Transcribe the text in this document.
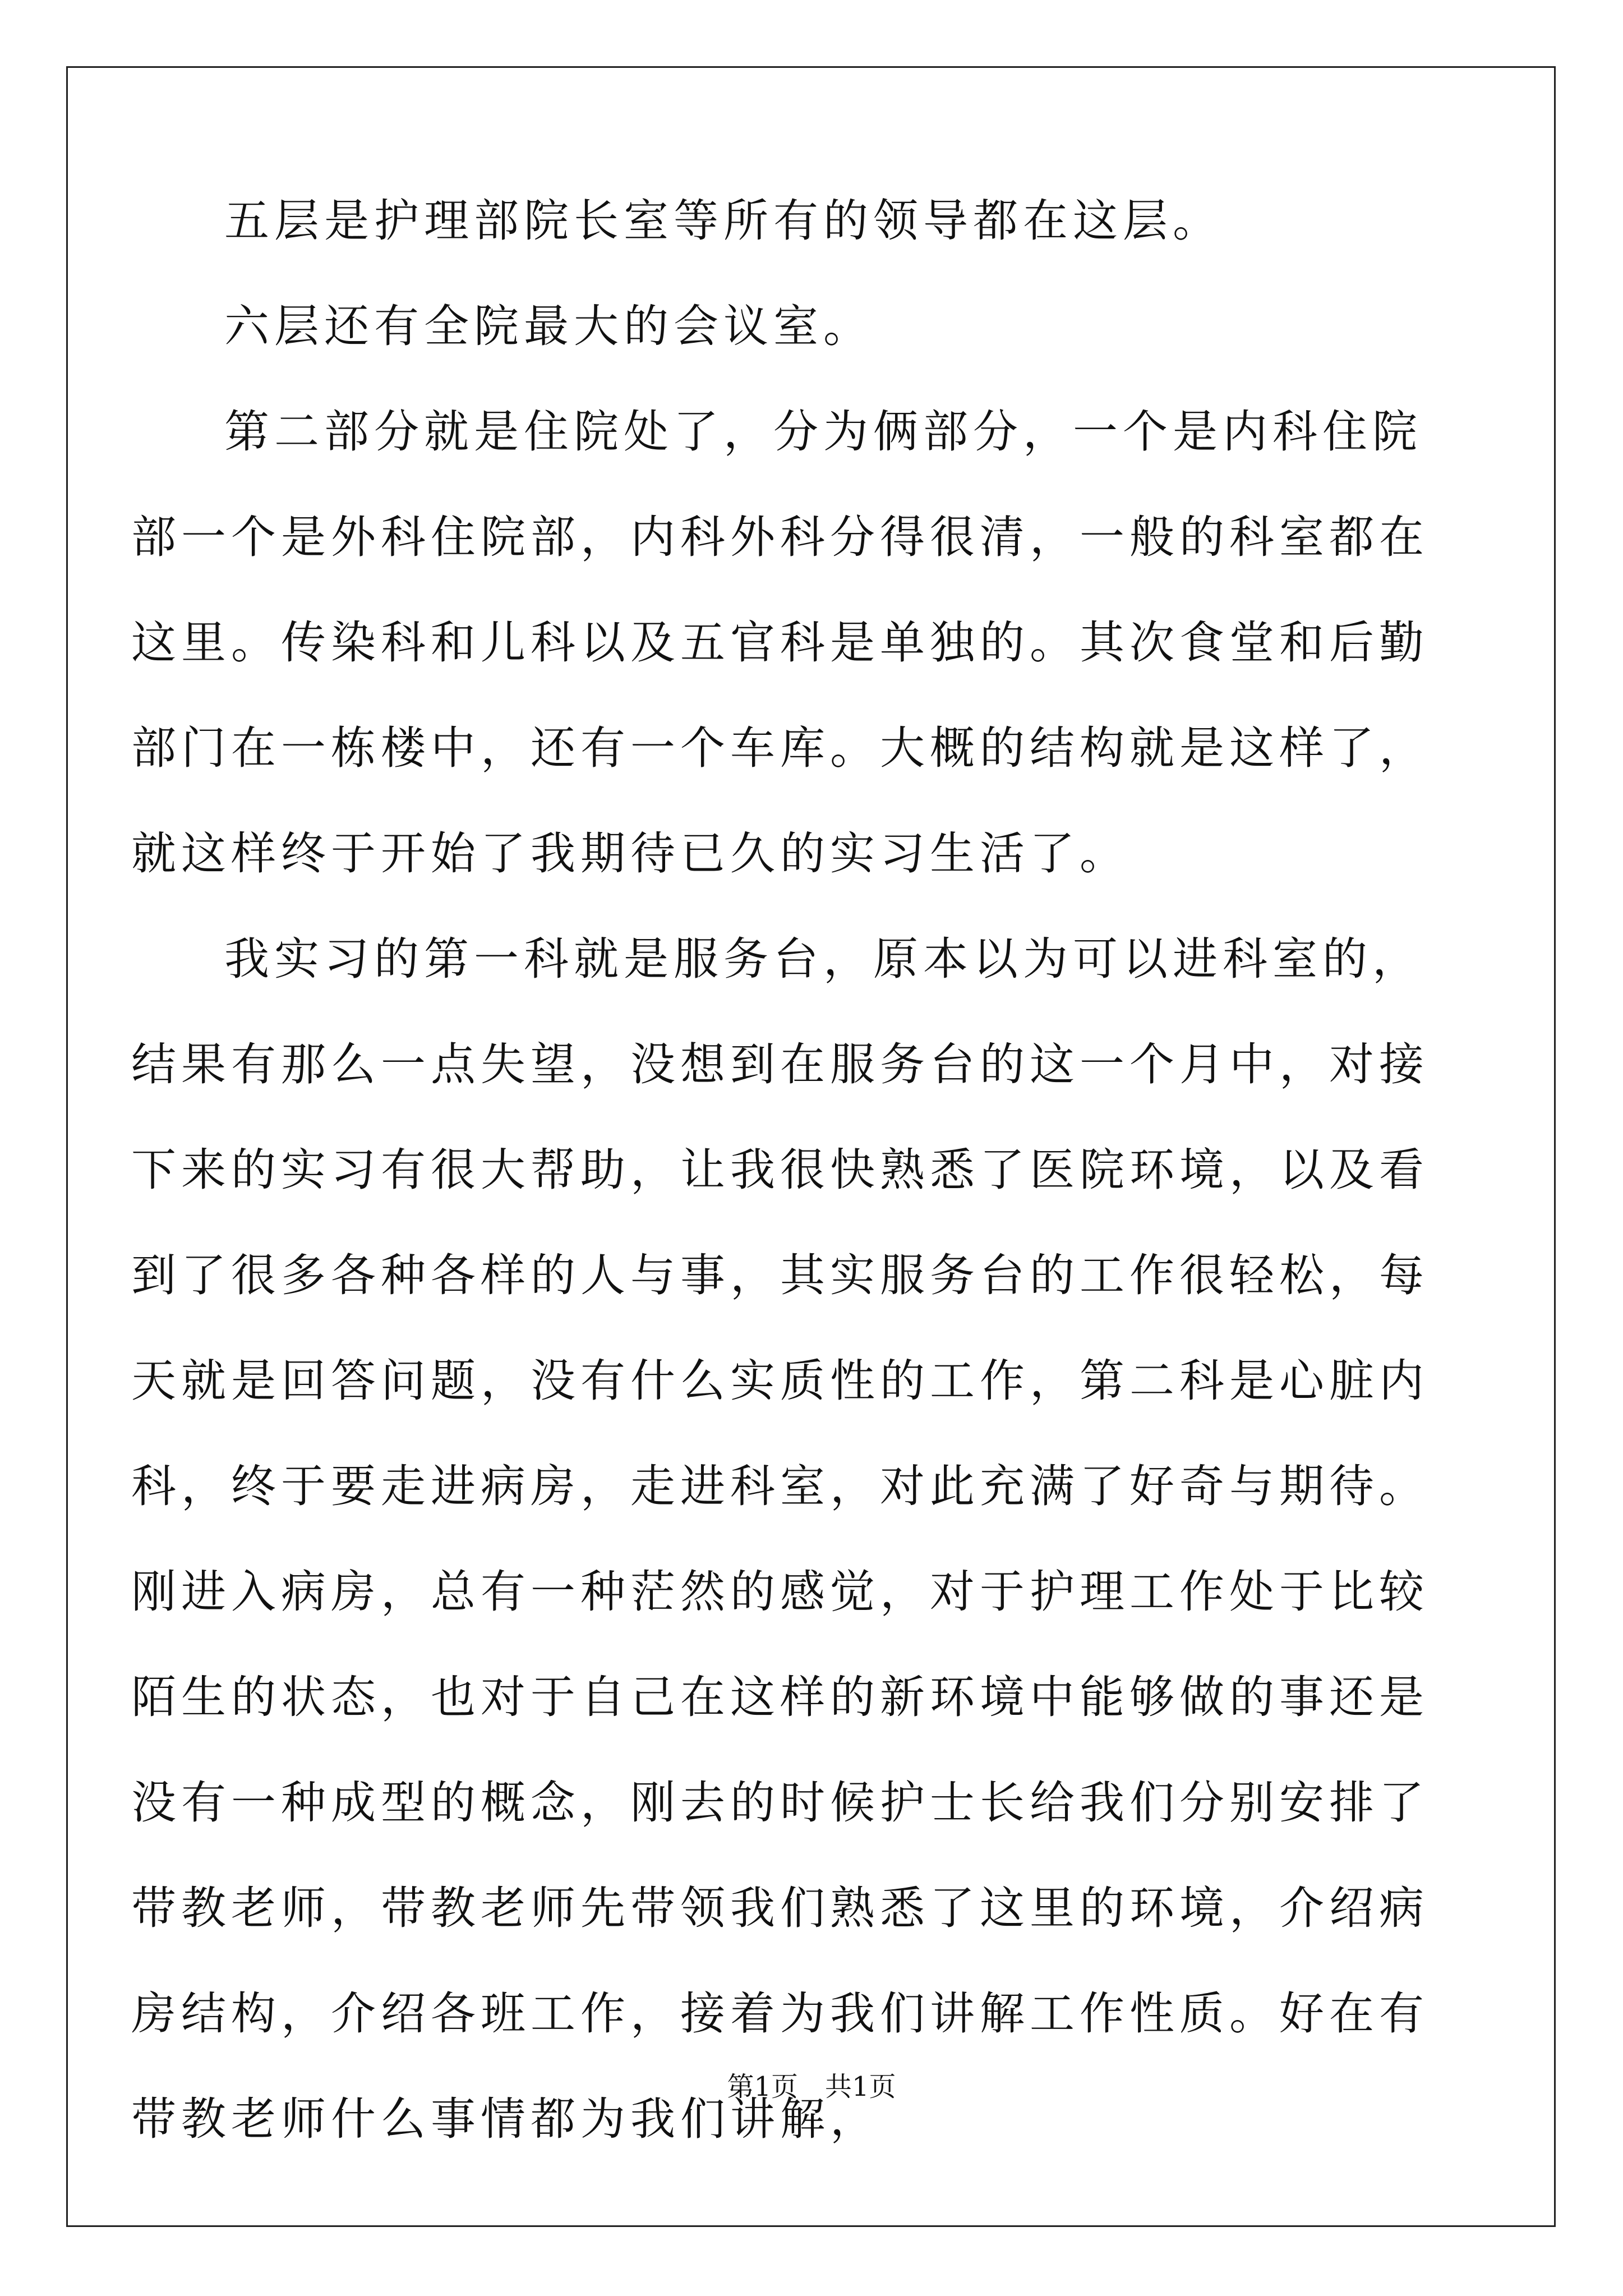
五层是护理部院长室等所有的领导都在这层。

六层还有全院最大的会议室。

第二部分就是住院处了，分为俩部分，一个是内科住院部一个是外科住院部，内科外科分得很清，一般的科室都在这里。传染科和儿科以及五官科是单独的。其次食堂和后勤部门在一栋楼中，还有一个车库。大概的结构就是这样了，就这样终于开始了我期待已久的实习生活了。

我实习的第一科就是服务台，原本以为可以进科室的，结果有那么一点失望，没想到在服务台的这一个月中，对接下来的实习有很大帮助，让我很快熟悉了医院环境，以及看到了很多各种各样的人与事，其实服务台的工作很轻松，每天就是回答问题，没有什么实质性的工作，第二科是心脏内科，终于要走进病房，走进科室，对此充满了好奇与期待。刚进入病房，总有一种茫然的感觉，对于护理工作处于比较陌生的状态，也对于自己在这样的新环境中能够做的事还是没有一种成型的概念，刚去的时候护士长给我们分别安排了带教老师，带教老师先带领我们熟悉了这里的环境，介绍病房结构，介绍各班工作，接着为我们讲解工作性质。好在有带教老师什么事情都为我们讲解，

第1页　共1页
